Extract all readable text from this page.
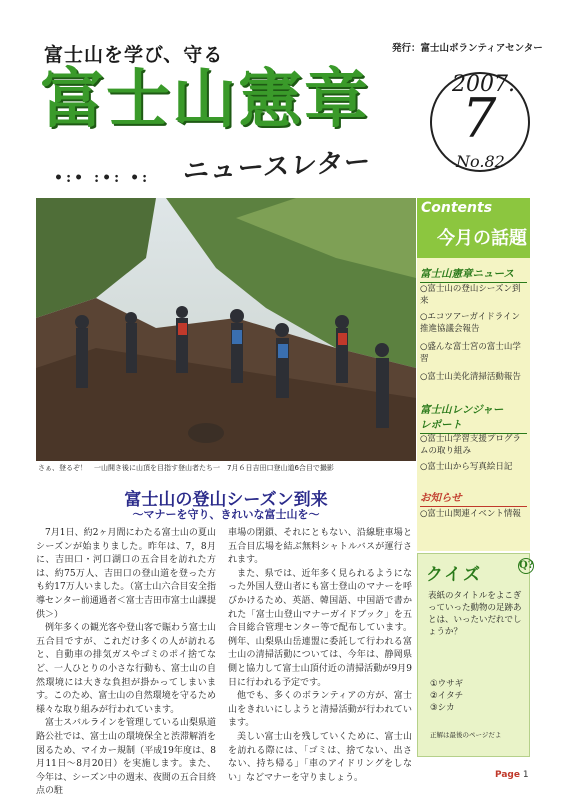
富士山を学び、守る	発行：富士山ボランティアセンター
富士山憲章
ニュースレター
•:• :•: •:
2007.
7
No.82
さぁ、登るぞ！　一山開き後に山頂を目指す登山者たち一　7月６日吉田口登山道6合目で撮影
Contents
今月の話題
富士山憲章ニュース
○富士山の登山シーズン到来
○エコツアーガイドライン推進協議会報告
○盛んな富士宮の富士山学習
○富士山美化清掃活動報告
富士山レンジャー　　　レポート
○富士山学習支援プログラムの取り組み
○富士山から写真絵日記
お知らせ
○富士山関連イベント情報
クイズ	Q?
表紙のタイトルをよこぎっていった動物の足跡あとは、いったいだれでしょうか？
①ウサギ
②イタチ
③シカ
正解は最後のページだよ
富士山の登山シーズン到来
～マナーを守り、きれいな富士山を～

7月1日、約2ヶ月間にわたる富士山の夏山シーズンが始まりました。昨年は、7，8月に、吉田口・河口湖口の五合目を訪れた方は、約75万人、吉田口の登山道を登った方も約17万人いました。（富士山六合目安全指導センター前通過者＜富士吉田市富士山課提供＞）

例年多くの観光客や登山客で賑わう富士山五合目ですが、これだけ多くの人が訪れると、自動車の排気ガスやゴミのポイ捨てなど、一人ひとりの小さな行動も、富士山の自然環境には大きな負担が掛かってしまいます。このため、富士山の自然環境を守るため様々な取り組みが行われています。

富士スバルラインを管理している山梨県道路公社では、富士山の環境保全と渋滞解消を図るため、マイカー規制（平成19年度は、8月11日～8月20日）を実施します。また、今年は、シーズン中の週末、夜間の五合目終点の駐

車場の閉鎖、それにともない、沿線駐車場と五合目広場を結ぶ無料シャトルバスが運行されます。

また、県では、近年多く見られるようになった外国人登山者にも富士登山のマナーを呼びかけるため、英語、韓国語、中国語で書かれた「富士山登山マナーガイドブック」を五合目総合管理センター等で配布しています。例年、山梨県山岳連盟に委託して行われる富士山の清掃活動については、今年は、静岡県側と協力して富士山頂付近の清掃活動が9月9日に行われる予定です。

他でも、多くのボランティアの方が、富士山をきれいにしようと清掃活動が行われています。

美しい富士山を残していくために、富士山を訪れる際には、「ゴミは、捨てない、出さない、持ち帰る」「車のアイドリングをしない」などマナーを守りましょう。	Page 1
